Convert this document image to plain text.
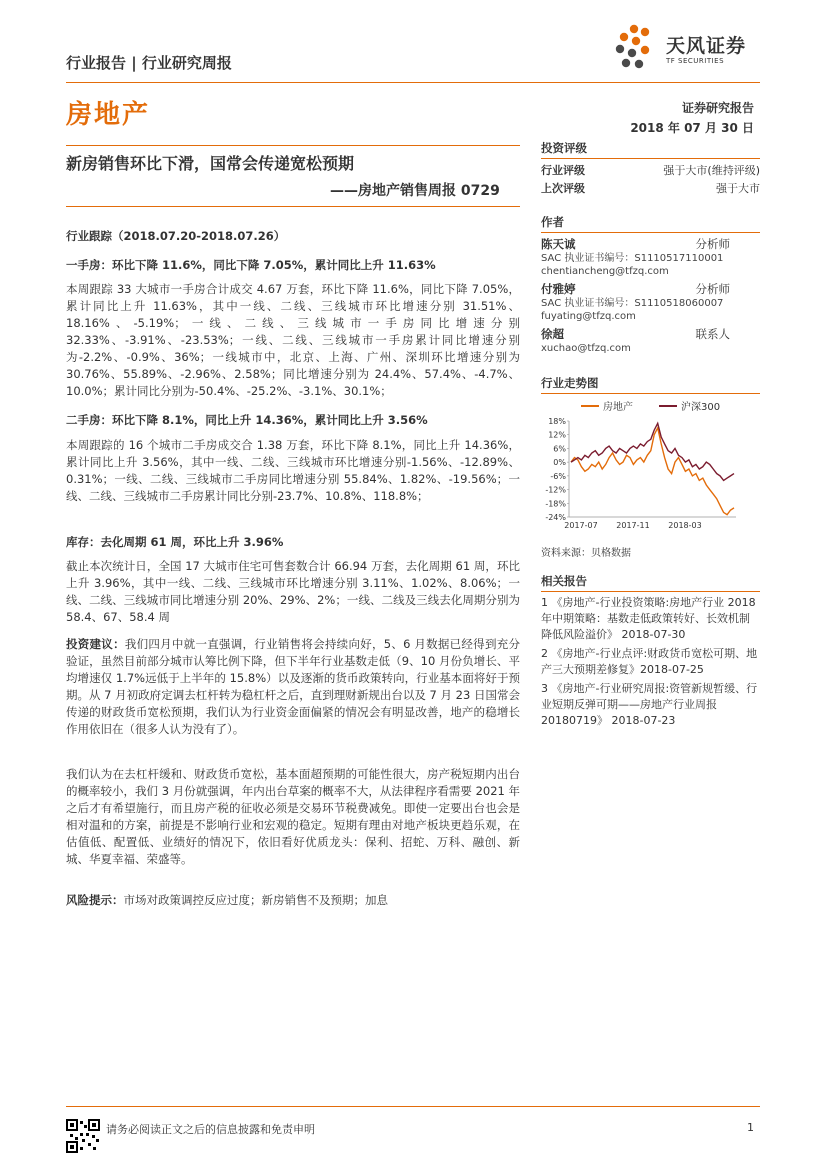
行业报告 | 行业研究周报
天风证券
TF SECURITIES
房地产	证券研究报告
2018 年 07 月 30 日
新房销售环比下滑，国常会传递宽松预期
——房地产销售周报 0729
行业跟踪（2018.07.20-2018.07.26）
一手房：环比下降 11.6%，同比下降 7.05%，累计同比上升 11.63%

本周跟踪 33 大城市一手房合计成交 4.67 万套，环比下降 11.6%，同比下降 7.05%，累计同比上升 11.63%，其中一线、二线、三线城市环比增速分别 31.51%、18.16%、-5.19%；一线、二线、三线城市一手房同比增速分别 32.33%、-3.91%、-23.53%；一线、二线、三线城市一手房累计同比增速分别为-2.2%、-0.9%、36%；一线城市中，北京、上海、广州、深圳环比增速分别为 30.76%、55.89%、-2.96%、2.58%；同比增速分别为 24.4%、57.4%、-4.7%、10.0%；累计同比分别为-50.4%、-25.2%、-3.1%、30.1%；

二手房：环比下降 8.1%，同比上升 14.36%，累计同比上升 3.56%

本周跟踪的 16 个城市二手房成交合 1.38 万套，环比下降 8.1%，同比上升 14.36%，累计同比上升 3.56%，其中一线、二线、三线城市环比增速分别-1.56%、-12.89%、0.31%；一线、二线、三线城市二手房同比增速分别 55.84%、1.82%、-19.56%；一线、二线、三线城市二手房累计同比分别-23.7%、10.8%、118.8%；

库存：去化周期 61 周，环比上升 3.96%

截止本次统计日，全国 17 大城市住宅可售套数合计 66.94 万套，去化周期 61 周，环比上升 3.96%，其中一线、二线、三线城市环比增速分别 3.11%、1.02%、8.06%；一线、二线、三线城市同比增速分别 20%、29%、2%；一线、二线及三线去化周期分别为 58.4、67、58.4 周

投资建议：我们四月中就一直强调，行业销售将会持续向好，5、6 月数据已经得到充分验证，虽然目前部分城市认筹比例下降，但下半年行业基数走低（9、10 月份负增长、平均增速仅 1.7%远低于上半年的 15.8%）以及逐渐的货币政策转向，行业基本面将好于预期。从 7 月初政府定调去杠杆转为稳杠杆之后，直到理财新规出台以及 7 月 23 日国常会传递的财政货币宽松预期，我们认为行业资金面偏紧的情况会有明显改善，地产的稳增长作用依旧在（很多人认为没有了）。

我们认为在去杠杆缓和、财政货币宽松，基本面超预期的可能性很大，房产税短期内出台的概率较小，我们 3 月份就强调，年内出台草案的概率不大，从法律程序看需要 2021 年之后才有希望施行，而且房产税的征收必须是交易环节税费减免。即使一定要出台也会是相对温和的方案，前提是不影响行业和宏观的稳定。短期有理由对地产板块更趋乐观，在估值低、配置低、业绩好的情况下，依旧看好优质龙头：保利、招蛇、万科、融创、新城、华夏幸福、荣盛等。

风险提示：市场对政策调控反应过度；新房销售不及预期；加息

投资评级
行业评级	强于大市(维持评级)
上次评级	强于大市
作者
陈天诚	分析师
SAC 执业证书编号：S1110517110001
chentiancheng@tfzq.com
付雅婷	分析师
SAC 执业证书编号：S1110518060007
fuyating@tfzq.com
徐超	联系人
xuchao@tfzq.com
行业走势图
房地产	沪深300
-24%
-18%
-12%
-6%
0%
6%
12%
18%
2017-07 2017-11 2018-03
资料来源：贝格数据
相关报告
1 《房地产-行业投资策略:房地产行业 2018 年中期策略：基数走低政策转好、长效机制降低风险溢价》 2018-07-30
2 《房地产-行业点评:财政货币宽松可期、地产三大预期差修复》2018-07-25
3 《房地产-行业研究周报:资管新规暂缓、行业短期反弹可期——房地产行业周报 20180719》 2018-07-23
请务必阅读正文之后的信息披露和免责申明	1
